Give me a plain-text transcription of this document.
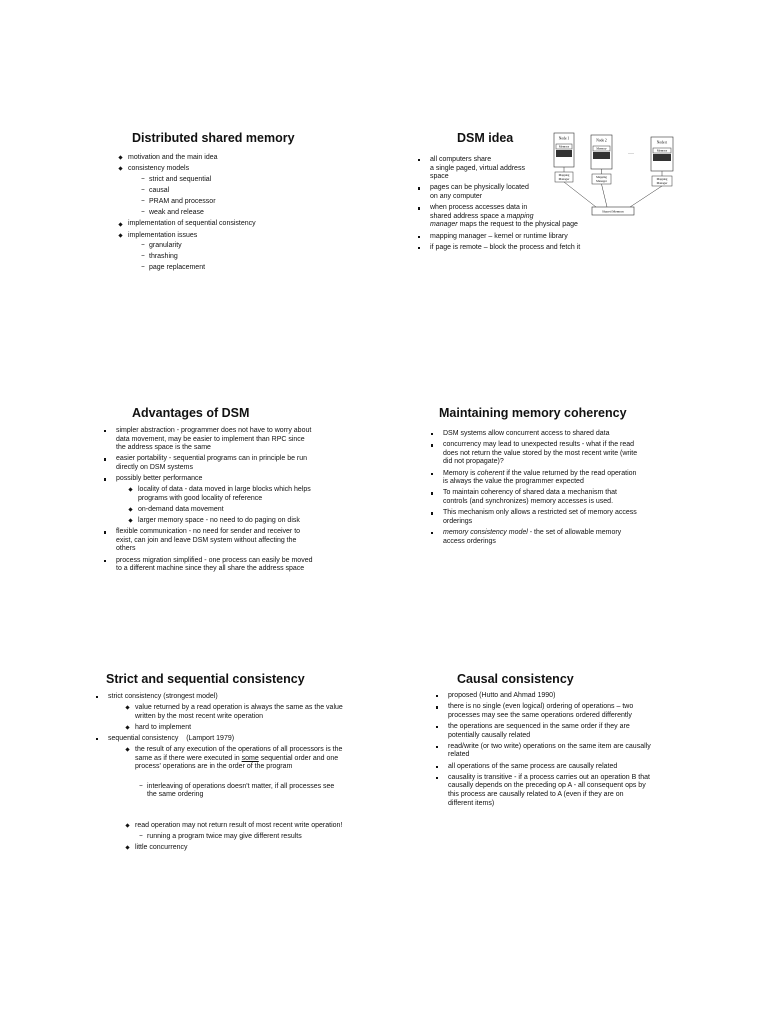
Distributed shared memory
motivation and the main idea
consistency models
⌣ strict and sequential
⌣ causal
⌣ PRAM and processor
⌣ weak and release
implementation of sequential consistency
implementation issues
⌣ granularity
⌣ thrashing
⌣ page replacement
DSM idea
all computers share
a single paged, virtual address
space
pages can be physically located
on any computer
when process accesses data in
shared address space a mapping
manager maps the request to the physical page
mapping manager – kernel or runtime library
if page is remote – block the process and fetch it
Node 1
Memory
Mapping
Manager
Node 2
Memory
Mapping
Manager
......
Node n
Memory
Mapping
Manager
Shared Memory
Advantages of DSM
simpler abstraction - programmer does not have to worry about
data movement, may be easier to implement than RPC since
the address space is the same
easier portability - sequential programs can in principle be run
directly on DSM systems
possibly better performance
locality of data - data moved in large blocks which helps
programs with good locality of reference
on-demand data movement
larger memory space - no need to do paging on disk
flexible communication - no need for sender and receiver to
exist, can join and leave DSM system without affecting the
others
process migration simplified - one process can easily be moved
to a different machine since they all share the address space
Maintaining memory coherency
DSM systems allow concurrent access to shared data
concurrency may lead to unexpected results - what if the read
does not return the value stored by the most recent write (write
did not propagate)?
Memory is coherent if the value returned by the read operation
is always the value the programmer expected
To maintain coherency of shared data a mechanism that
controls (and synchronizes) memory accesses is used.
This mechanism only allows a restricted set of memory access
orderings
memory consistency model - the set of allowable memory
access orderings
Strict and sequential consistency
strict consistency (strongest model)
value returned by a read operation is always the same as the value
written by the most recent write operation
hard to implement
sequential consistency    (Lamport 1979)
the result of any execution of the operations of all processors is the
same as if there were executed in some sequential order and one
process' operations are in the order of the program

⌣ interleaving of operations doesn't matter, if all processes see
the same ordering

read operation may not return result of most recent write operation!
⌣ running a program twice may give different results
little concurrency
Causal consistency
proposed (Hutto and Ahmad 1990)
there is no single (even logical) ordering of operations – two
processes may see the same operations ordered differently
the operations are sequenced in the same order if they are
potentially causally related
read/write (or two write) operations on the same item are causally
related
all operations of the same process are causally related
causality is transitive - if a process carries out an operation B that
causally depends on the preceding op A - all consequent ops by
this process are causally related to A (even if they are on
different items)
